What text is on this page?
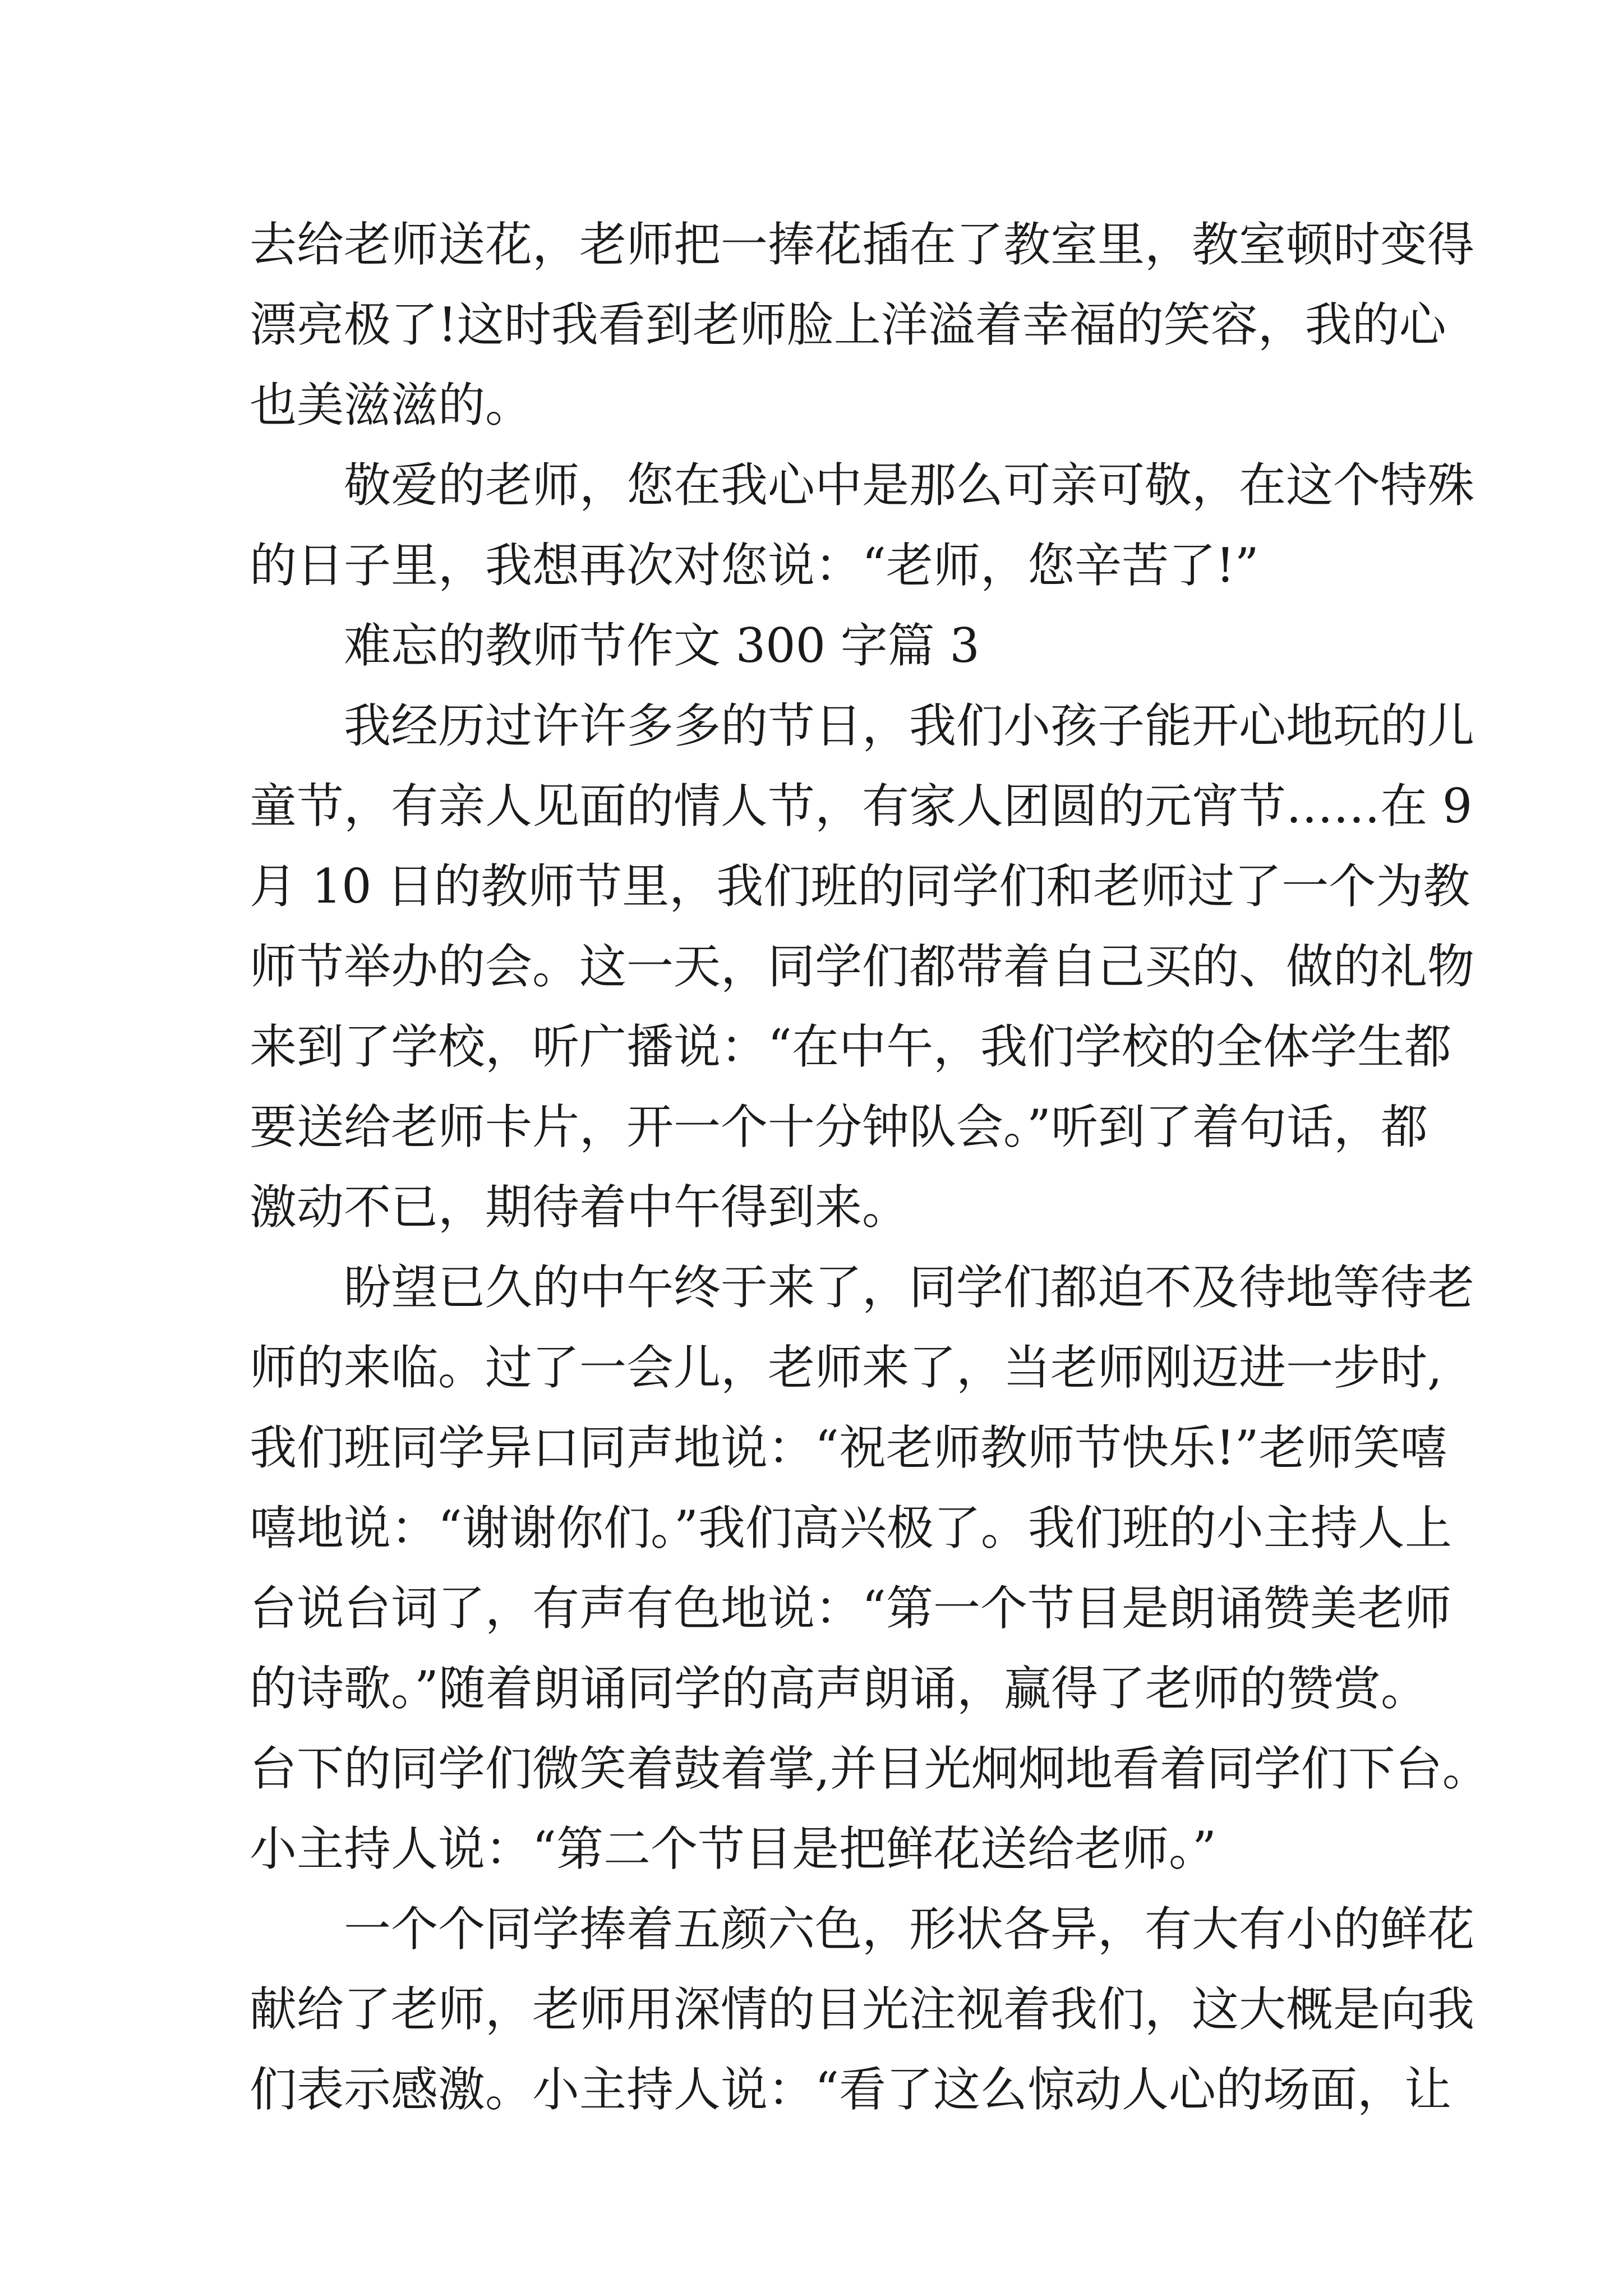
去给老师送花，老师把一捧花插在了教室里，教室顿时变得
漂亮极了!这时我看到老师脸上洋溢着幸福的笑容，我的心
也美滋滋的。
敬爱的老师，您在我心中是那么可亲可敬，在这个特殊
的日子里，我想再次对您说：“老师，您辛苦了!”
难忘的教师节作文 300 字篇 3
我经历过许许多多的节日，我们小孩子能开心地玩的儿
童节，有亲人见面的情人节，有家人团圆的元宵节……在 9
月 10 日的教师节里，我们班的同学们和老师过了一个为教
师节举办的会。这一天，同学们都带着自己买的、做的礼物
来到了学校，听广播说：“在中午，我们学校的全体学生都
要送给老师卡片，开一个十分钟队会。”听到了着句话，都
激动不已，期待着中午得到来。
盼望已久的中午终于来了，同学们都迫不及待地等待老
师的来临。过了一会儿，老师来了，当老师刚迈进一步时,
我们班同学异口同声地说：“祝老师教师节快乐!”老师笑嘻
嘻地说：“谢谢你们。”我们高兴极了。我们班的小主持人上
台说台词了，有声有色地说：“第一个节目是朗诵赞美老师
的诗歌。”随着朗诵同学的高声朗诵，赢得了老师的赞赏。
台下的同学们微笑着鼓着掌,并目光炯炯地看着同学们下台。
小主持人说：“第二个节目是把鲜花送给老师。”
一个个同学捧着五颜六色，形状各异，有大有小的鲜花
献给了老师，老师用深情的目光注视着我们，这大概是向我
们表示感激。小主持人说：“看了这么惊动人心的场面，让
